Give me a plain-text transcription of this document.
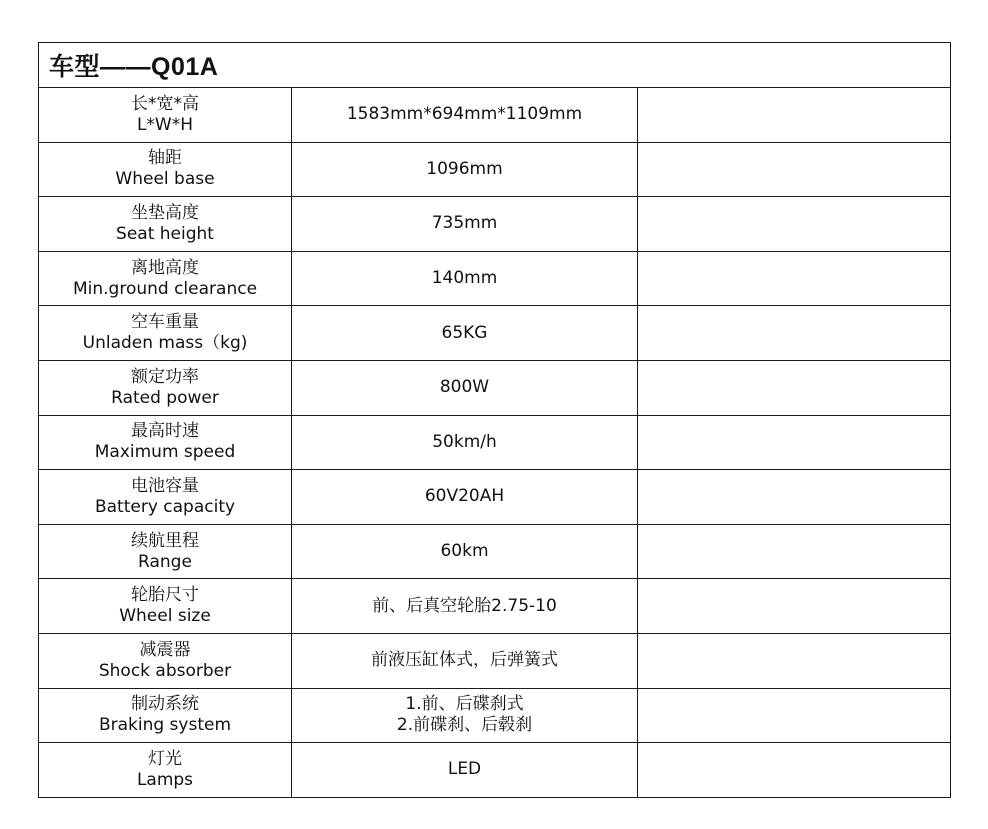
车型——Q01A		

长*宽*高
L*W*H	1583mm*694mm*1109mm	

轴距
Wheel base	1096mm	

坐垫高度
Seat height	735mm	

离地高度
Min.ground clearance	140mm	

空车重量
Unladen mass（kg)	65KG	

额定功率
Rated power	800W	

最高时速
Maximum speed	50km/h	

电池容量
Battery capacity	60V20AH	

续航里程
Range	60km	

轮胎尺寸
Wheel size	前、后真空轮胎2.75-10	

减震器
Shock absorber	前液压缸体式，后弹簧式	

制动系统
Braking system	1.前、后碟刹式
2.前碟刹、后毂刹	

灯光
Lamps	LED	
